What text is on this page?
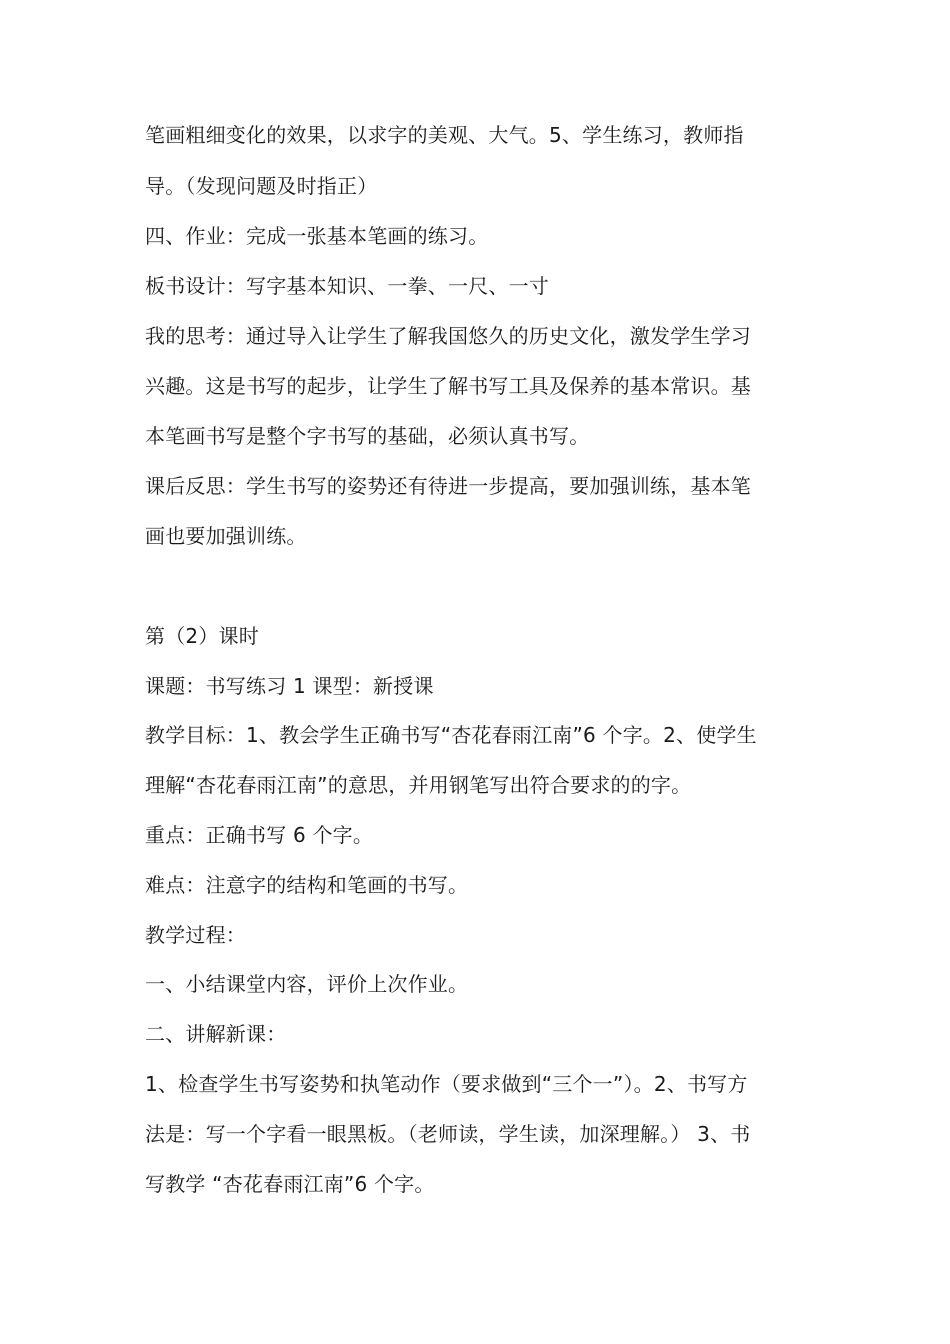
笔画粗细变化的效果，以求字的美观、大气。5、学生练习，教师指
导。（发现问题及时指正）
四、作业：完成一张基本笔画的练习。
板书设计：写字基本知识、一拳、一尺、一寸
我的思考：通过导入让学生了解我国悠久的历史文化，激发学生学习
兴趣。这是书写的起步，让学生了解书写工具及保养的基本常识。基
本笔画书写是整个字书写的基础，必须认真书写。
课后反思：学生书写的姿势还有待进一步提高，要加强训练，基本笔
画也要加强训练。
第（2）课时
课题：书写练习 1 课型：新授课
教学目标：1、教会学生正确书写“杏花春雨江南”6 个字。2、使学生
理解“杏花春雨江南”的意思，并用钢笔写出符合要求的的字。
重点：正确书写 6 个字。
难点：注意字的结构和笔画的书写。
教学过程：
一、小结课堂内容，评价上次作业。
二、讲解新课：
1、检查学生书写姿势和执笔动作（要求做到“三个一”）。2、书写方
法是：写一个字看一眼黑板。（老师读，学生读，加深理解。） 3、书
写教学 “杏花春雨江南”6 个字。
